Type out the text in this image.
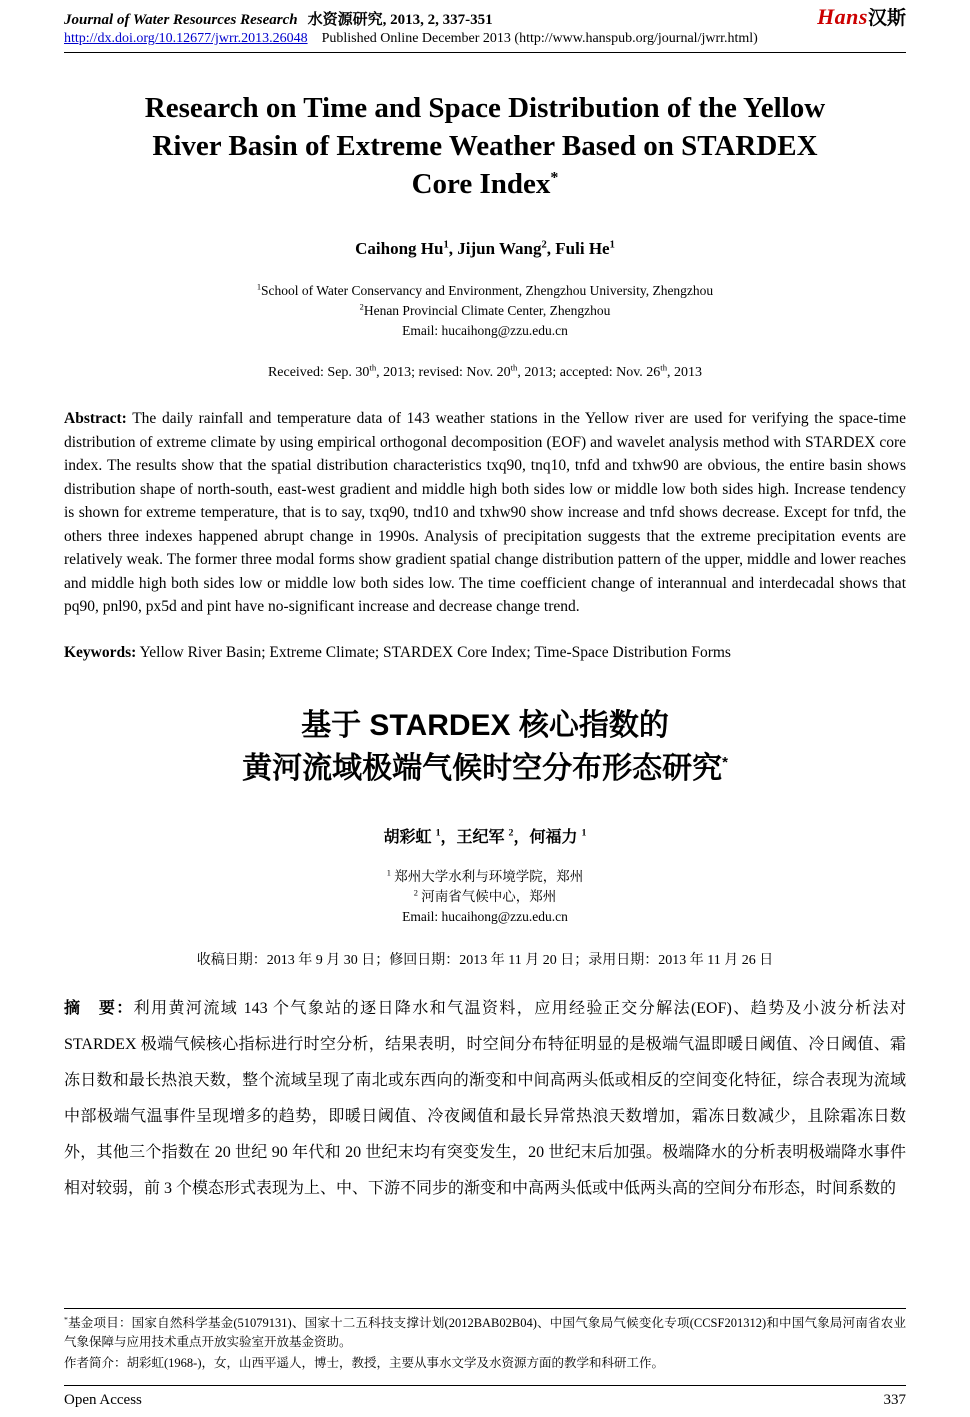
Journal of Water Resources Research 水资源研究, 2013, 2, 337-351	Hans汉斯
http://dx.doi.org/10.12677/jwrr.2013.26048 Published Online December 2013 (http://www.hanspub.org/journal/jwrr.html)
Research on Time and Space Distribution of the Yellow
River Basin of Extreme Weather Based on STARDEX
Core Index*

Caihong Hu$^1$, Jijun Wang$^2$, Fuli He$^1$

$^1$School of Water Conservancy and Environment, Zhengzhou University, Zhengzhou

$^2$Henan Provincial Climate Center, Zhengzhou

Email: hucaihong@zzu.edu.cn

Received: Sep. 30th, 2013; revised: Nov. 20th, 2013; accepted: Nov. 26th, 2013

Abstract: The daily rainfall and temperature data of 143 weather stations in the Yellow river are used for verifying the space-time distribution of extreme climate by using empirical orthogonal decomposition (EOF) and wavelet analysis method with STARDEX core index. The results show that the spatial distribution characteristics txq90, tnq10, tnfd and txhw90 are obvious, the entire basin shows distribution shape of north-south, east-west gradient and middle high both sides low or middle low both sides high. Increase tendency is shown for extreme temperature, that is to say, txq90, tnd10 and txhw90 show increase and tnfd shows decrease. Except for tnfd, the others three indexes happened abrupt change in 1990s. Analysis of precipitation suggests that the extreme precipitation events are relatively weak. The former three modal forms show gradient spatial change distribution pattern of the upper, middle and lower reaches and middle high both sides low or middle low both sides low. The time coefficient change of interannual and interdecadal shows that pq90, pnl90, px5d and pint have no-significant increase and decrease change trend.

Keywords: Yellow River Basin; Extreme Climate; STARDEX Core Index; Time-Space Distribution Forms

基于 STARDEX 核心指数的
黄河流域极端气候时空分布形态研究*

胡彩虹 $^1$，王纪军 $^2$，何福力 $^1$

$^1$ 郑州大学水利与环境学院，郑州

$^2$ 河南省气候中心，郑州

Email: hucaihong@zzu.edu.cn

收稿日期：2013 年 9 月 30 日；修回日期：2013 年 11 月 20 日；录用日期：2013 年 11 月 26 日

摘　要：利用黄河流域 143 个气象站的逐日降水和气温资料，应用经验正交分解法(EOF)、趋势及小波分析法对 STARDEX 极端气候核心指标进行时空分析，结果表明，时空间分布特征明显的是极端气温即暖日阈值、冷日阈值、霜冻日数和最长热浪天数，整个流域呈现了南北或东西向的渐变和中间高两头低或相反的空间变化特征，综合表现为流域中部极端气温事件呈现增多的趋势，即暖日阈值、冷夜阈值和最长异常热浪天数增加，霜冻日数减少，且除霜冻日数外，其他三个指数在 20 世纪 90 年代和 20 世纪末均有突变发生，20 世纪末后加强。极端降水的分析表明极端降水事件相对较弱，前 3 个模态形式表现为上、中、下游不同步的渐变和中高两头低或中低两头高的空间分布形态，时间系数的

*基金项目：国家自然科学基金(51079131)、国家十二五科技支撑计划(2012BAB02B04)、中国气象局气候变化专项(CCSF201312)和中国气象局河南省农业气象保障与应用技术重点开放实验室开放基金资助。

作者简介：胡彩虹(1968-)，女，山西平遥人，博士，教授，主要从事水文学及水资源方面的教学和科研工作。

Open Access	337
